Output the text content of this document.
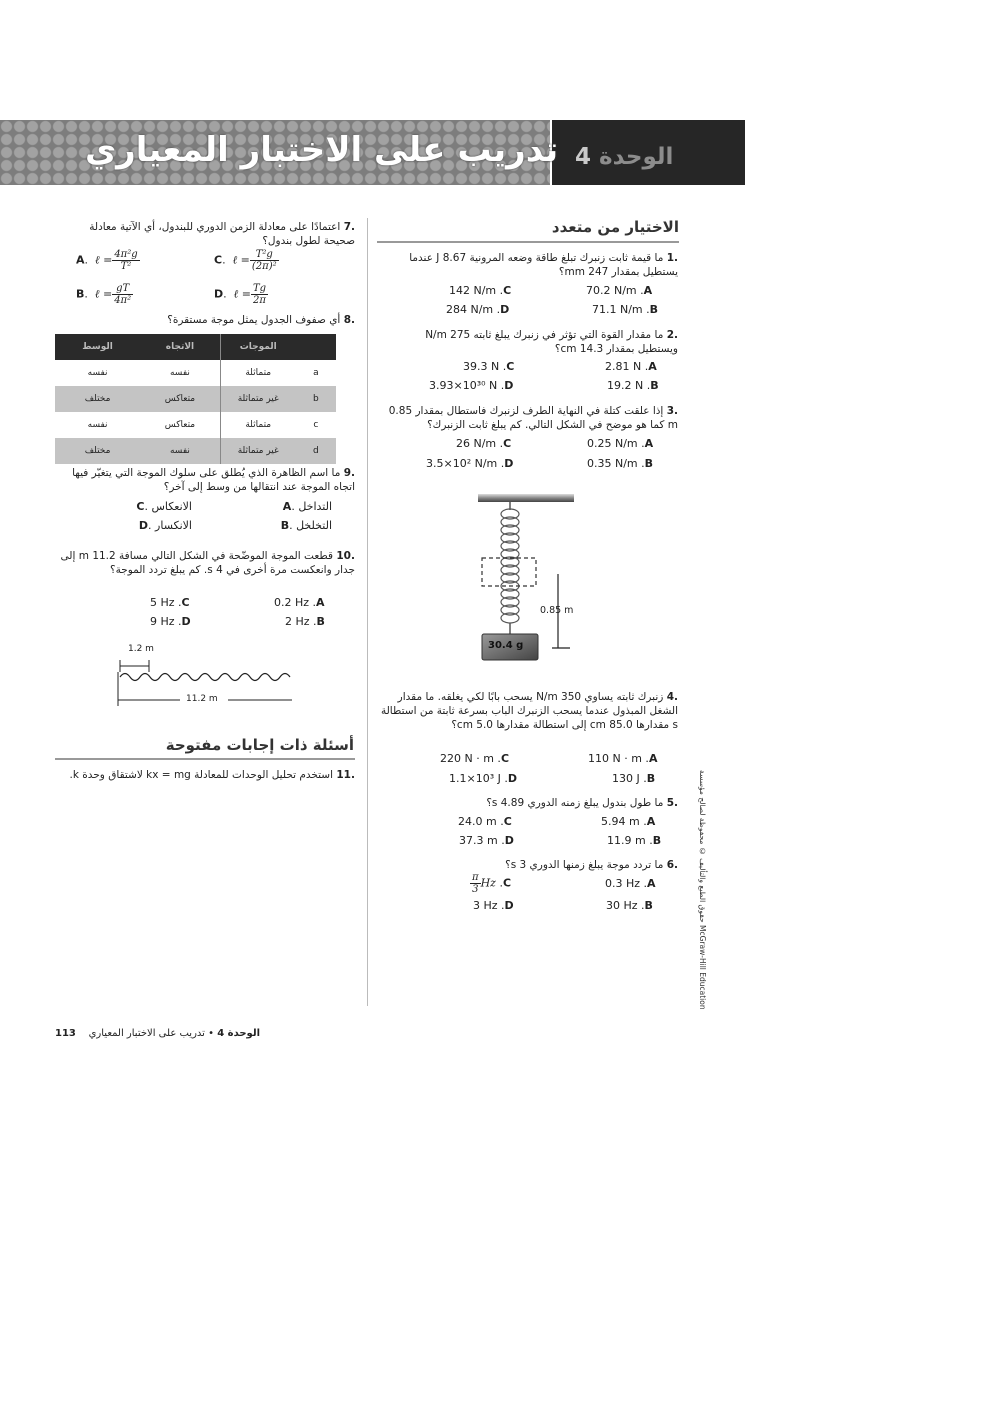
تدريب على الاختبار المعياري 4 الوحدة
الاختيار من متعدد
.1 ما قيمة ثابت زنبرك تبلغ طاقة وضعه المرونية 8.67 J عندما يستطيل بمقدار 247 mm؟
70.2 N/m .A
142 N/m .C
71.1 N/m .B
284 N/m .D
.2 ما مقدار القوة التي تؤثر في زنبرك يبلغ ثابته 275 N/m ويستطيل بمقدار 14.3 cm؟
2.81 N .A
39.3 N .C
19.2 N .B
3.93×10³⁰ N .D
.3 إذا علقت كتلة في النهاية الطرف لزنبرك فاستطال بمقدار 0.85 m كما هو موضح في الشكل التالي. كم يبلغ ثابت الزنبرك؟
0.25 N/m .A
26 N/m .C
0.35 N/m .B
3.5×10² N/m .D
30.4 g
0.85 m
.4 زنبرك ثابته يساوي 350 N/m يسحب بابًا لكي يغلقه. ما مقدار الشغل المبذول عندما يسحب الزنبرك الباب بسرعة ثابتة من استطالة s مقدارها 85.0 cm إلى استطالة مقدارها 5.0 cm؟
110 N · m .A
220 N · m .C
130 J .B
1.1×10³ J .D
.5 ما طول بندول يبلغ زمنه الدوري 4.89 s؟
5.94 m .A
24.0 m .C
11.9 m .B
37.3 m .D
.6 ما تردد موجة يبلغ زمنها الدوري 3 s؟
0.3 Hz .A
$\frac{\pi}{3}$ Hz .C
30 Hz .B
3 Hz .D	حقوق الطبع والتأليف © محفوظة لصالح مؤسسة McGraw-Hill Education
.7 اعتمادًا على معادلة الزمن الدوري للبندول، أي الآتية معادلة صحيحة لطول بندول؟
A.  ℓ = $\frac{\text{4π²g}}{\text{T²}}$	C.  ℓ = $\frac{\text{T²g}}{\text{(2π)²}}$
B.  ℓ = $\frac{gT}{\text{4π²}}$	D.  ℓ = $\frac{Tg}{2\pi}$
.8 أي صفوف الجدول يمثل موجة مستقرة؟
	الموجات	الاتجاه	الوسط
a	متماثلة	نفسه	نفسه
b	غير متماثلة	متعاكس	مختلف
c	متماثلة	متعاكس	نفسه
d	غير متماثلة	نفسه	مختلف
.9 ما اسم الظاهرة الذي يُطلق على سلوك الموجة التي يتغيّر فيها اتجاه الموجة عند انتقالها من وسط إلى آخر؟
A. التداخل
C. الانعكاس
B. التخلخل
D. الانكسار
.10 قطعت الموجة الموضّحة في الشكل التالي مسافة 11.2 m إلى جدار وانعكست مرة أخرى في 4 s. كم يبلغ تردد الموجة؟
0.2 Hz .A
5 Hz .C
2 Hz .B
9 Hz .D
1.2 m
11.2 m
أسئلة ذات إجابات مفتوحة
.11 استخدم تحليل الوحدات للمعادلة kx = mg لاشتقاق وحدة k.
113 تدريب على الاختبار المعياري • الوحدة 4
